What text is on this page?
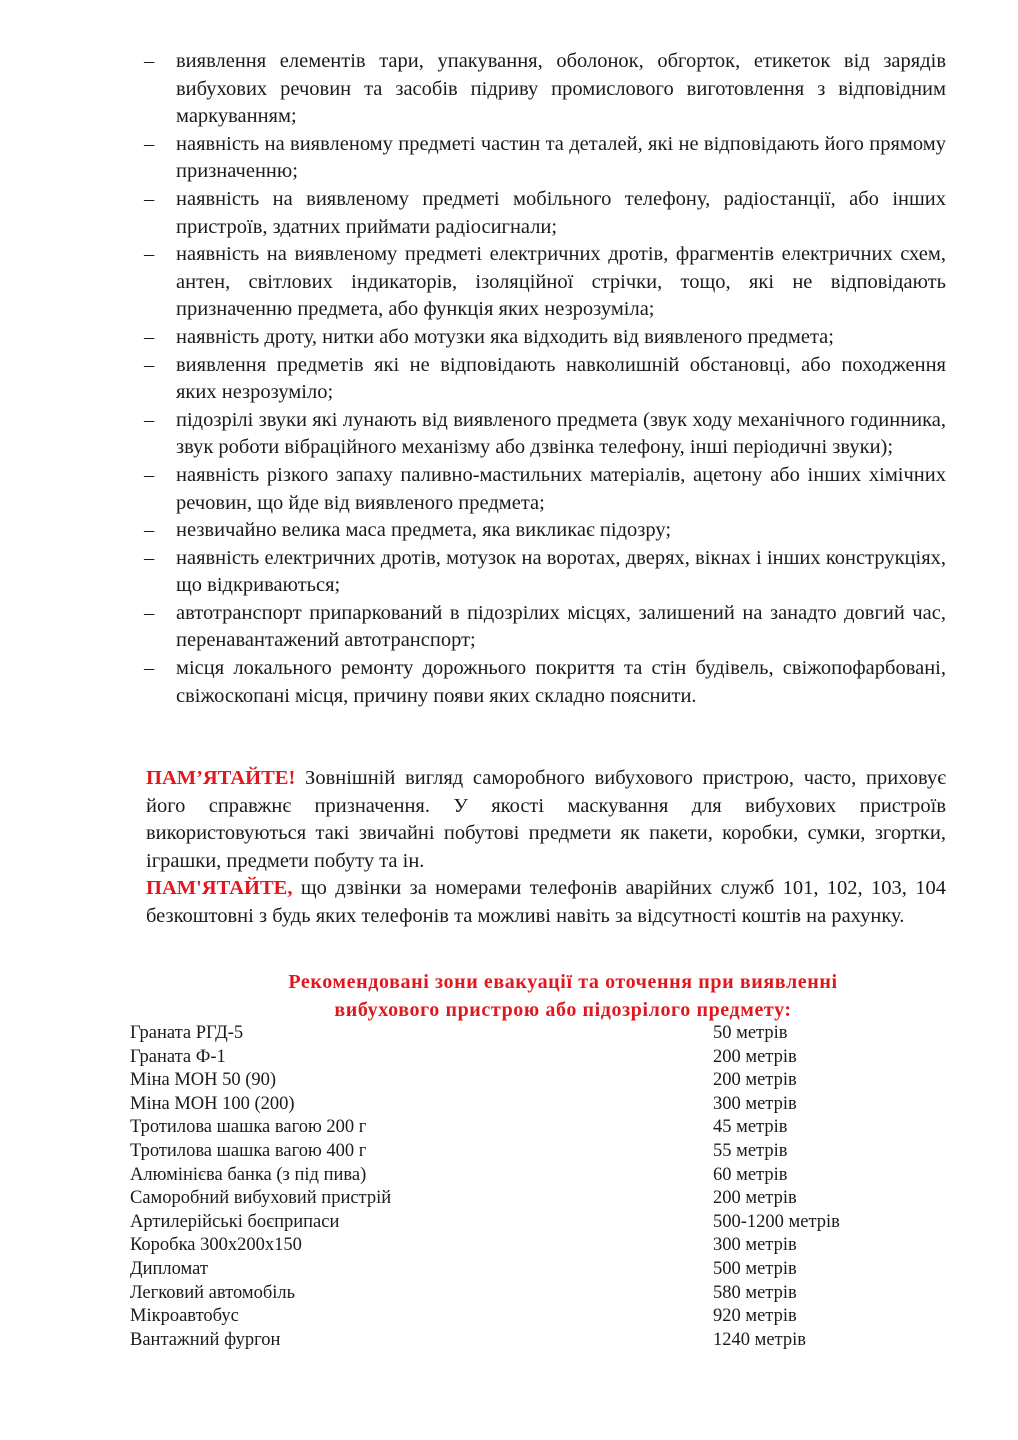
– виявлення елементів тари, упакування, оболонок, обгорток, етикеток від зарядів вибухових речовин та засобів підриву промислового виготовлення з відповідним маркуванням;
– наявність на виявленому предметі частин та деталей, які не відповідають його прямому призначенню;
– наявність на виявленому предметі мобільного телефону, радіостанції, або інших пристроїв, здатних приймати радіосигнали;
– наявність на виявленому предметі електричних дротів, фрагментів електричних схем, антен, світлових індикаторів, ізоляційної стрічки, тощо, які не відповідають призначенню предмета, або функція яких незрозуміла;
– наявність дроту, нитки або мотузки яка відходить від виявленого предмета;
– виявлення предметів які не відповідають навколишній обстановці, або походження яких незрозуміло;
– підозрілі звуки які лунають від виявленого предмета (звук ходу механічного годинника, звук роботи вібраційного механізму або дзвінка телефону, інші періодичні звуки);
– наявність різкого запаху паливно-мастильних матеріалів, ацетону або інших хімічних речовин, що йде від виявленого предмета;
– незвичайно велика маса предмета, яка викликає підозру;
– наявність електричних дротів, мотузок на воротах, дверях, вікнах і інших конструкціях, що відкриваються;
– автотранспорт припаркований в підозрілих місцях, залишений на занадто довгий час, перенавантажений автотранспорт;
– місця локального ремонту дорожнього покриття та стін будівель, свіжопофарбовані, свіжоскопані місця, причину появи яких складно пояснити.

ПАМ’ЯТАЙТЕ! Зовнішній вигляд саморобного вибухового пристрою, часто, приховує його справжнє призначення. У якості маскування для вибухових пристроїв використовуються такі звичайні побутові предмети як пакети, коробки, сумки, згортки, іграшки, предмети побуту та ін.

ПАМ'ЯТАЙТЕ, що дзвінки за номерами телефонів аварійних служб 101, 102, 103, 104 безкоштовні з будь яких телефонів та можливі навіть за відсутності коштів на рахунку.

Рекомендовані зони евакуації та оточення при виявленні
вибухового пристрою або підозрілого предмету:
Граната РГД-5	50 метрів
Граната Ф-1	200 метрів
Міна МОН 50 (90)	200 метрів
Міна МОН 100 (200)	300 метрів
Тротилова шашка вагою 200 г	45 метрів
Тротилова шашка вагою 400 г	55 метрів
Алюмінієва банка (з під пива)	60 метрів
Саморобний вибуховий пристрій	200 метрів
Артилерійські боєприпаси	500-1200 метрів
Коробка 300х200х150	300 метрів
Дипломат	500 метрів
Легковий автомобіль	580 метрів
Мікроавтобус	920 метрів
Вантажний фургон	1240 метрів
